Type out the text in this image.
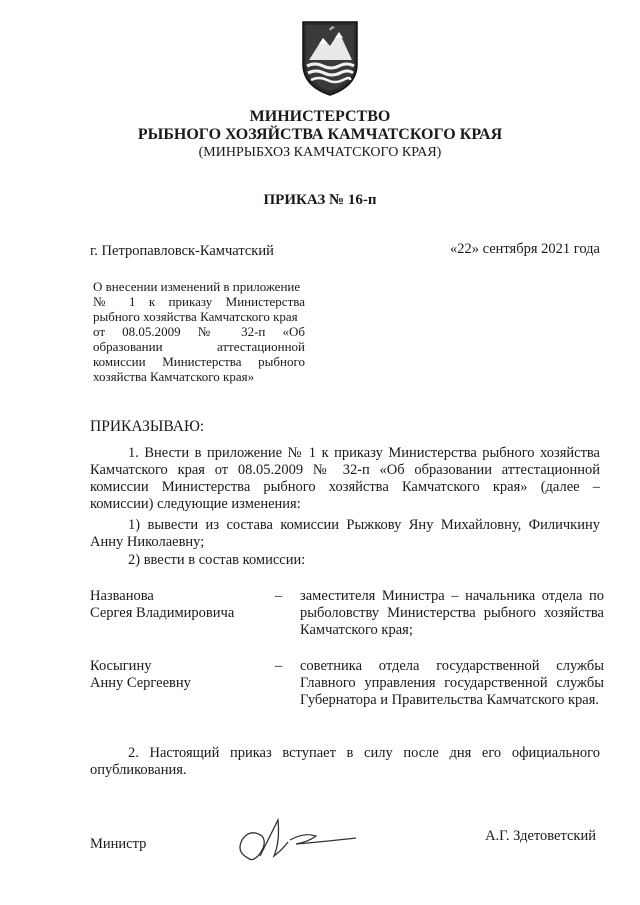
МИНИСТЕРСТВО
РЫБНОГО ХОЗЯЙСТВА КАМЧАТСКОГО КРАЯ
(МИНРЫБХОЗ КАМЧАТСКОГО КРАЯ)
ПРИКАЗ № 16-п
г. Петропавловск-Камчатский	«22» сентября 2021 года

О внесении изменений в приложение

№ 1 к приказу Министерства

рыбного хозяйства Камчатского края

от 08.05.2009 № 32-п «Об

образовании аттестационной

комиссии Министерства рыбного

хозяйства Камчатского края»

ПРИКАЗЫВАЮ:
1. Внести в приложение № 1 к приказу Министерства рыбного хозяйства Камчатского края от 08.05.2009 № 32-п «Об образовании аттестационной комиссии Министерства рыбного хозяйства Камчатского края» (далее – комиссии) следующие изменения:
1) вывести из состава комиссии Рыжкову Яну Михайловну, Филичкину Анну Николаевну;
2) ввести в состав комиссии:

Названова

Сергея Владимировича

– заместителя Министра – начальника отдела по рыболовству Министерства рыбного хозяйства Камчатского края;

Косыгину

Анну Сергеевну

– советника отдела государственной службы Главного управления государственной службы Губернатора и Правительства Камчатского края.
2. Настоящий приказ вступает в силу после дня его официального опубликования.
Министр	А.Г. Здетоветский
